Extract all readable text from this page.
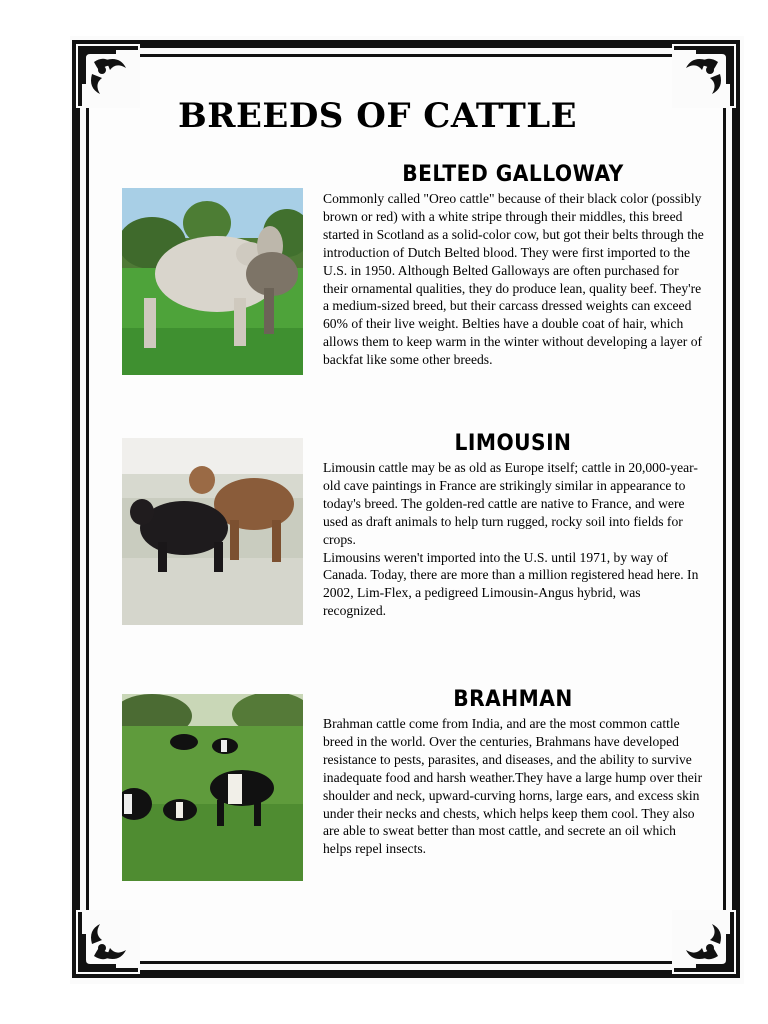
BREEDS OF CATTLE
BELTED GALLOWAY

Commonly called "Oreo cattle" because of their black color (possibly brown or red) with a white stripe through their middles, this breed started in Scotland as a solid-color cow, but got their belts through the introduction of Dutch Belted blood. They were first imported to the U.S. in 1950. Although Belted Galloways are often purchased for their ornamental qualities, they do produce lean, quality beef. They're a medium-sized breed, but their carcass dressed weights can exceed 60% of their live weight. Belties have a double coat of hair, which allows them to keep warm in the winter without developing a layer of backfat like some other breeds.

LIMOUSIN

Limousin cattle may be as old as Europe itself; cattle in 20,000-year-old cave paintings in France are strikingly similar in appearance to today's breed. The golden-red cattle are native to France, and were used as draft animals to help turn rugged, rocky soil into fields for crops.

Limousins weren't imported into the U.S. until 1971, by way of Canada. Today, there are more than a million registered head here. In 2002, Lim-Flex, a pedigreed Limousin-Angus hybrid, was recognized.

BRAHMAN

Brahman cattle come from India, and are the most common cattle breed in the world. Over the centuries, Brahmans have developed resistance to pests, parasites, and diseases, and the ability to survive inadequate food and harsh weather.They have a large hump over their shoulder and neck, upward-curving horns, large ears, and excess skin under their necks and chests, which helps keep them cool. They also are able to sweat better than most cattle, and secrete an oil which helps repel insects.
